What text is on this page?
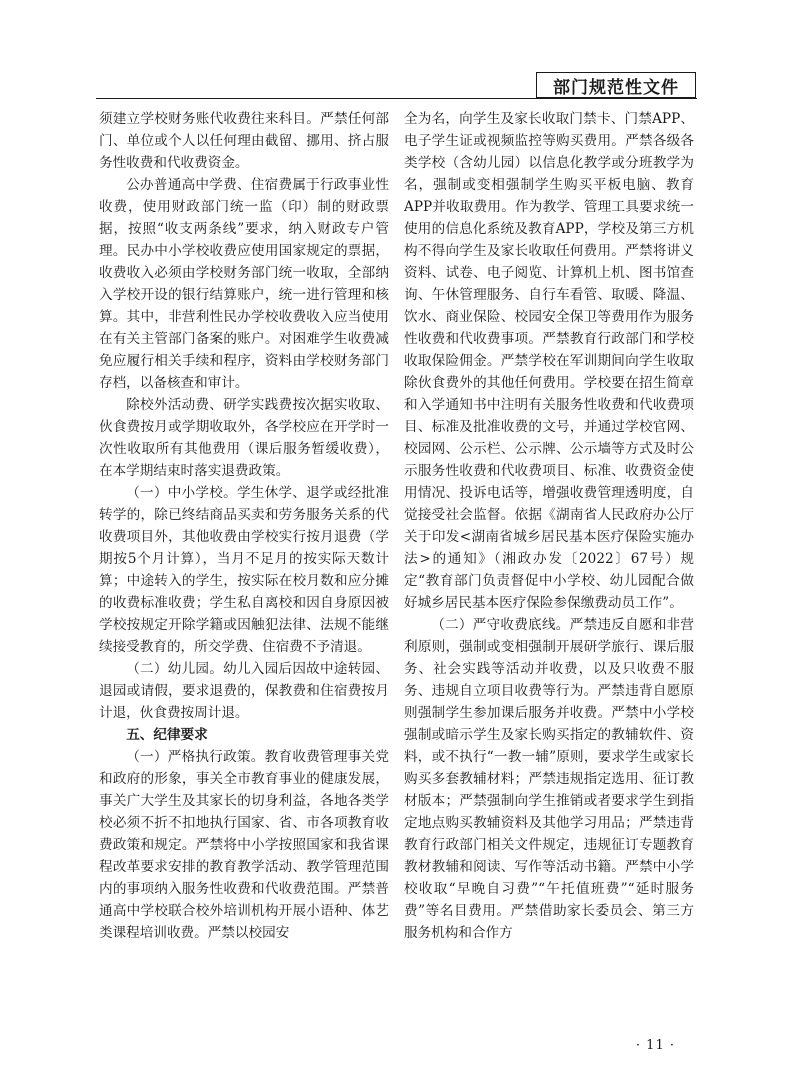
部门规范性文件

须建立学校财务账代收费往来科目。严禁任何部门、单位或个人以任何理由截留、挪用、挤占服务性收费和代收费资金。

公办普通高中学费、住宿费属于行政事业性收费，使用财政部门统一监（印）制的财政票据，按照“收支两条线”要求，纳入财政专户管理。民办中小学校收费应使用国家规定的票据，收费收入必须由学校财务部门统一收取，全部纳入学校开设的银行结算账户，统一进行管理和核算。其中，非营利性民办学校收费收入应当使用在有关主管部门备案的账户。对困难学生收费减免应履行相关手续和程序，资料由学校财务部门存档，以备核查和审计。

除校外活动费、研学实践费按次据实收取、伙食费按月或学期收取外，各学校应在开学时一次性收取所有其他费用（课后服务暂缓收费），在本学期结束时落实退费政策。

（一）中小学校。学生休学、退学或经批准转学的，除已终结商品买卖和劳务服务关系的代收费项目外，其他收费由学校实行按月退费（学期按5个月计算），当月不足月的按实际天数计算；中途转入的学生，按实际在校月数和应分摊的收费标准收费；学生私自离校和因自身原因被学校按规定开除学籍或因触犯法律、法规不能继续接受教育的，所交学费、住宿费不予清退。

（二）幼儿园。幼儿入园后因故中途转园、退园或请假，要求退费的，保教费和住宿费按月计退，伙食费按周计退。

五、纪律要求

（一）严格执行政策。教育收费管理事关党和政府的形象，事关全市教育事业的健康发展，事关广大学生及其家长的切身利益，各地各类学校必须不折不扣地执行国家、省、市各项教育收费政策和规定。严禁将中小学按照国家和我省课程改革要求安排的教育教学活动、教学管理范围内的事项纳入服务性收费和代收费范围。严禁普通高中学校联合校外培训机构开展小语种、体艺类课程培训收费。严禁以校园安

全为名，向学生及家长收取门禁卡、门禁APP、电子学生证或视频监控等购买费用。严禁各级各类学校（含幼儿园）以信息化教学或分班教学为名，强制或变相强制学生购买平板电脑、教育APP并收取费用。作为教学、管理工具要求统一使用的信息化系统及教育APP，学校及第三方机构不得向学生及家长收取任何费用。严禁将讲义资料、试卷、电子阅览、计算机上机、图书馆查询、午休管理服务、自行车看管、取暖、降温、饮水、商业保险、校园安全保卫等费用作为服务性收费和代收费事项。严禁教育行政部门和学校收取保险佣金。严禁学校在军训期间向学生收取除伙食费外的其他任何费用。学校要在招生简章和入学通知书中注明有关服务性收费和代收费项目、标准及批准收费的文号，并通过学校官网、校园网、公示栏、公示牌、公示墙等方式及时公示服务性收费和代收费项目、标准、收费资金使用情况、投诉电话等，增强收费管理透明度，自觉接受社会监督。依据《湖南省人民政府办公厅关于印发<湖南省城乡居民基本医疗保险实施办法>的通知》（湘政办发〔2022〕67号）规定“教育部门负责督促中小学校、幼儿园配合做好城乡居民基本医疗保险参保缴费动员工作”。

（二）严守收费底线。严禁违反自愿和非营利原则，强制或变相强制开展研学旅行、课后服务、社会实践等活动并收费，以及只收费不服务、违规自立项目收费等行为。严禁违背自愿原则强制学生参加课后服务并收费。严禁中小学校强制或暗示学生及家长购买指定的教辅软件、资料，或不执行“一教一辅”原则，要求学生或家长购买多套教辅材料；严禁违规指定选用、征订教材版本；严禁强制向学生推销或者要求学生到指定地点购买教辅资料及其他学习用品；严禁违背教育行政部门相关文件规定，违规征订专题教育教材教辅和阅读、写作等活动书籍。严禁中小学校收取“早晚自习费”“午托值班费”“延时服务费”等名目费用。严禁借助家长委员会、第三方服务机构和合作方

· 11 ·
